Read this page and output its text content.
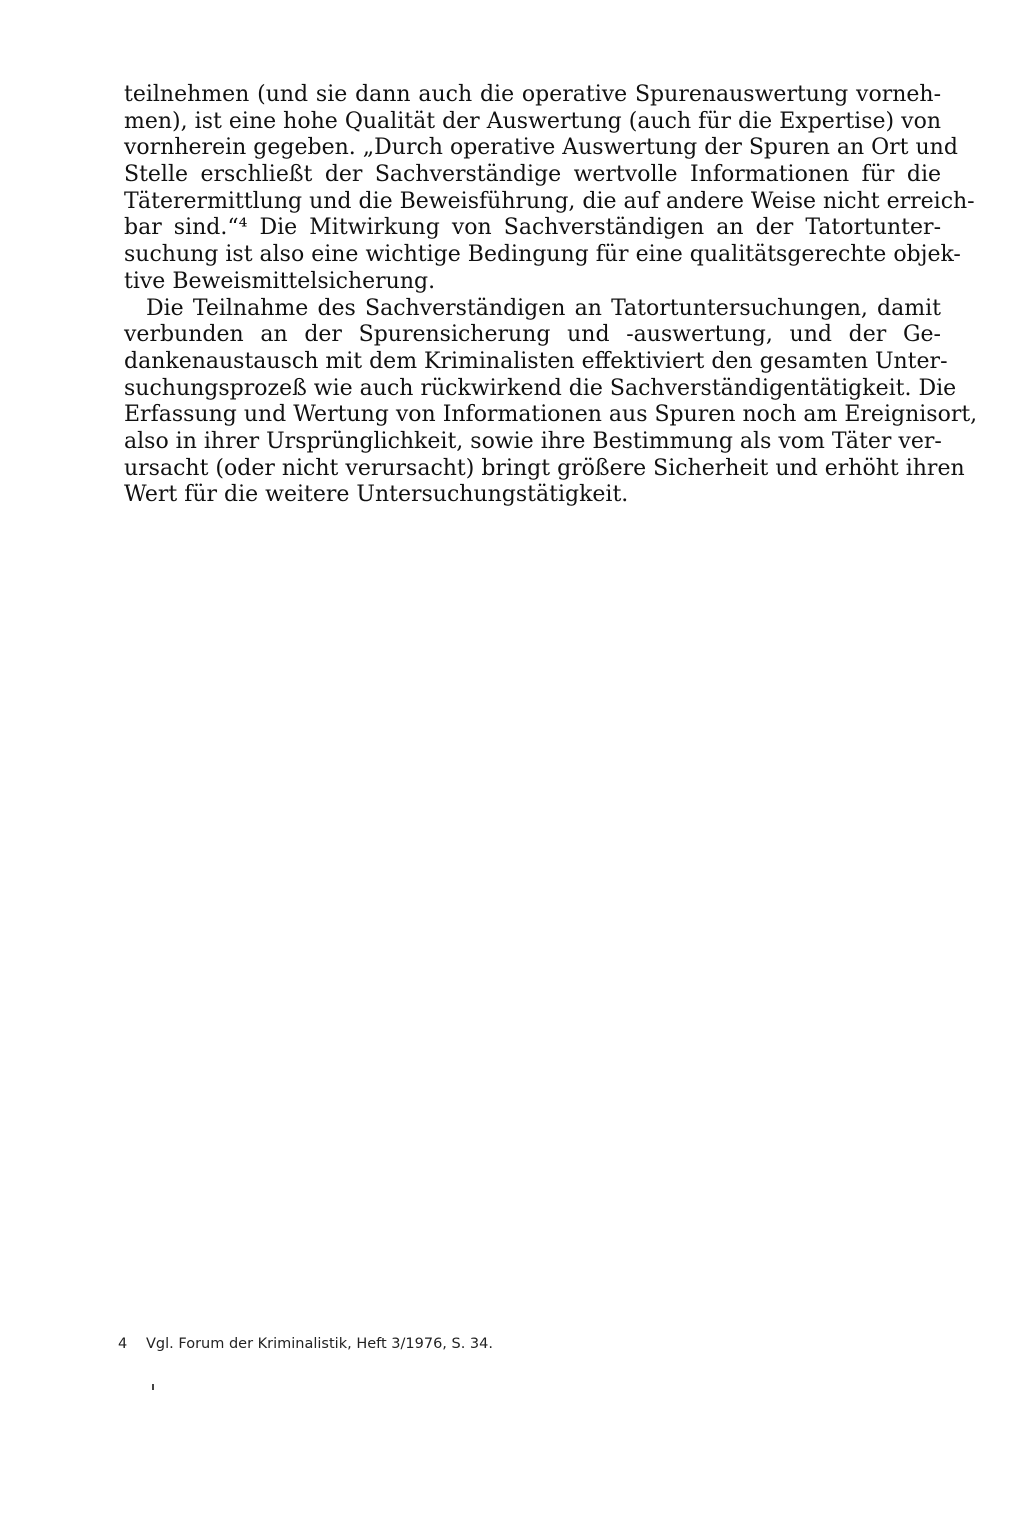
teilnehmen (und sie dann auch die operative Spurenauswertung vorneh-
men), ist eine hohe Qualität der Auswertung (auch für die Expertise) von
vornherein gegeben. „Durch operative Auswertung der Spuren an Ort und
Stelle erschließt der Sachverständige wertvolle Informationen für die
Täterermittlung und die Beweisführung, die auf andere Weise nicht erreich-
bar sind.“⁴ Die Mitwirkung von Sachverständigen an der Tatortunter-
suchung ist also eine wichtige Bedingung für eine qualitätsgerechte objek-
tive Beweismittelsicherung.
Die Teilnahme des Sachverständigen an Tatortuntersuchungen, damit
verbunden an der Spurensicherung und -auswertung, und der Ge-
dankenaustausch mit dem Kriminalisten effektiviert den gesamten Unter-
suchungsprozeß wie auch rückwirkend die Sachverständigentätigkeit. Die
Erfassung und Wertung von Informationen aus Spuren noch am Ereignisort,
also in ihrer Ursprünglichkeit, sowie ihre Bestimmung als vom Täter ver-
ursacht (oder nicht verursacht) bringt größere Sicherheit und erhöht ihren
Wert für die weitere Untersuchungstätigkeit.
4 Vgl. Forum der Kriminalistik, Heft 3/1976, S. 34.
